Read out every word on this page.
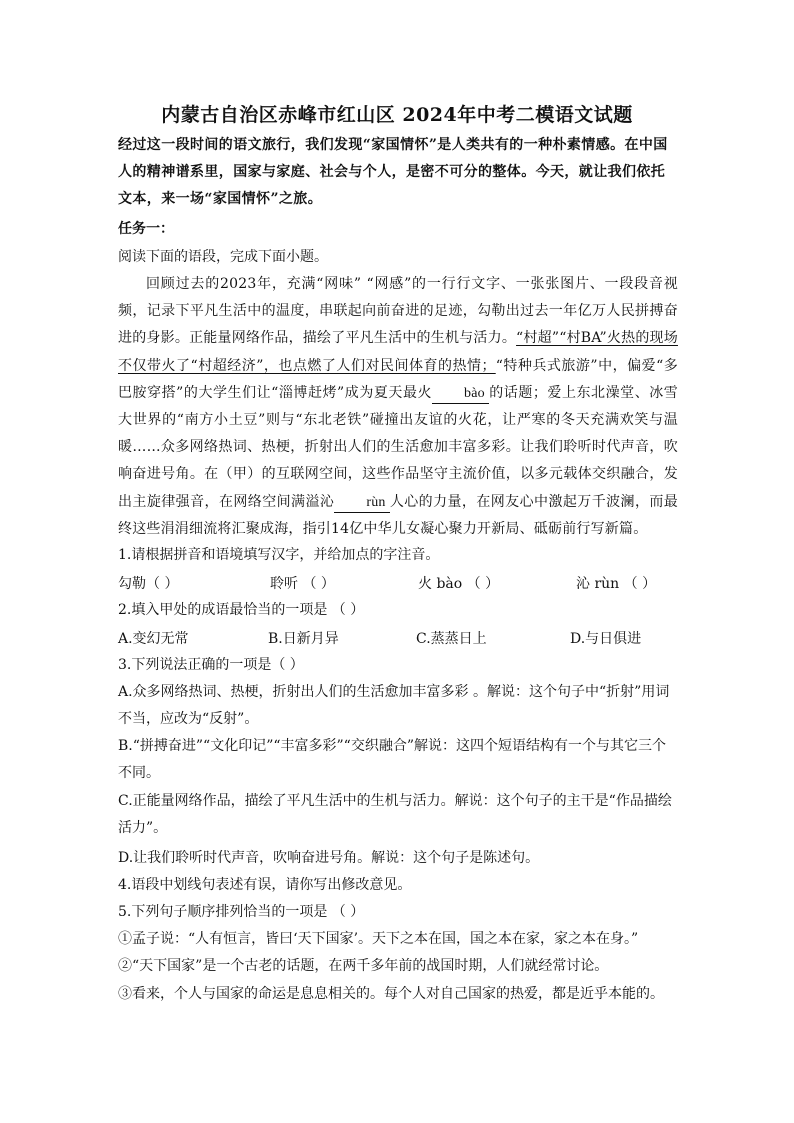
内蒙古自治区赤峰市红山区 2024年中考二模语文试题
经过这一段时间的语文旅行，我们发现“家国情怀”是人类共有的一种朴素情感。在中国人的精神谱系里，国家与家庭、社会与个人，是密不可分的整体。今天，就让我们依托文本，来一场“家国情怀”之旅。
任务一：
阅读下面的语段，完成下面小题。
回顾过去的2023年，充满“网味” “网感”的一行行文字、一张张图片、一段段音视频，记录下平凡生活中的温度，串联起向前奋进的足迹，勾勒出过去一年亿万人民拼搏奋进的身影。正能量网络作品，描绘了平凡生活中的生机与活力。“村超”“村BA”火热的现场不仅带火了“村超经济”，也点燃了人们对民间体育的热情；“特种兵式旅游”中，偏爱“多巴胺穿搭”的大学生们让“淄博赶烤”成为夏天最火 bào 的话题；爱上东北澡堂、冰雪大世界的“南方小土豆”则与“东北老铁”碰撞出友谊的火花，让严寒的冬天充满欢笑与温暖……众多网络热词、热梗，折射出人们的生活愈加丰富多彩。让我们聆听时代声音，吹响奋进号角。在（甲）的互联网空间，这些作品坚守主流价值，以多元载体交织融合，发出主旋律强音，在网络空间满溢沁 rùn 人心的力量，在网友心中激起万千波澜，而最终这些涓涓细流将汇聚成海，指引14亿中华儿女凝心聚力开新局、砥砺前行写新篇。
1.请根据拼音和语境填写汉字，并给加点的字注音。
勾勒（ ）	聆听 （ ）	火 bào （ ）	沁 rùn （ ）
2.填入甲处的成语最恰当的一项是 （ ）
A.变幻无常	B.日新月异	C.蒸蒸日上	D.与日俱进
3.下列说法正确的一项是（ ）
A.众多网络热词、热梗，折射出人们的生活愈加丰富多彩 。解说：这个句子中“折射”用词不当，应改为“反射”。
B.“拼搏奋进”“文化印记”“丰富多彩”“交织融合”解说：这四个短语结构有一个与其它三个不同。
C.正能量网络作品，描绘了平凡生活中的生机与活力。解说：这个句子的主干是“作品描绘活力”。
D.让我们聆听时代声音，吹响奋进号角。解说：这个句子是陈述句。
4.语段中划线句表述有误，请你写出修改意见。
5.下列句子顺序排列恰当的一项是 （ ）
①孟子说：“人有恒言，皆曰‘天下国家’。天下之本在国，国之本在家，家之本在身。”
②“天下国家”是一个古老的话题，在两千多年前的战国时期，人们就经常讨论。
③看来，个人与国家的命运是息息相关的。每个人对自己国家的热爱，都是近乎本能的。
